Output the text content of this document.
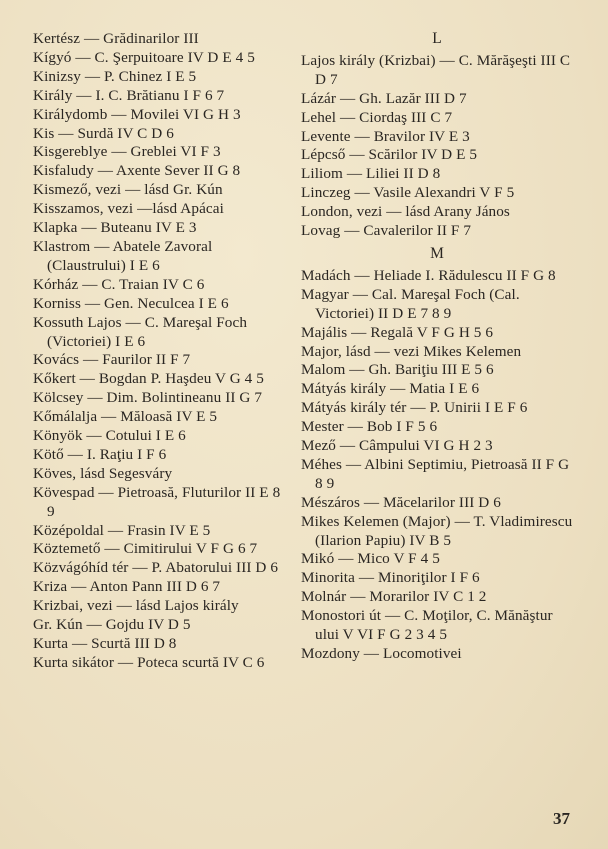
Kertész — Grădinarilor III
Kígyó — C. Şerpuitoare IV D E 4 5
Kinizsy — P. Chinez I E 5
Király — I. C. Brătianu I F 6 7
Királydomb — Movilei VI G H 3
Kis — Surdă IV C D 6
Kisgereblye — Greblei VI F 3
Kisfaludy — Axente Sever II G 8
Kismező, vezi — lásd Gr. Kún
Kisszamos, vezi —lásd Apácai
Klapka — Buteanu IV E 3
Klastrom — Abatele Zavoral (Claustrului) I E 6
Kórház — C. Traian IV C 6
Korniss — Gen. Neculcea I E 6
Kossuth Lajos — C. Mareşal Foch (Victoriei) I E 6
Kovács — Faurilor II F 7
Kőkert — Bogdan P. Haşdeu V G 4 5
Kölcsey — Dim. Bolintineanu II G 7
Kőmálalja — Măloasă IV E 5
Könyök — Cotului I E 6
Kötő — I. Raţiu I F 6
Köves, lásd Segesváry
Kövespad — Pietroasă, Fluturilor II E 8 9
Középoldal — Frasin IV E 5
Köztemető — Cimitirului V F G 6 7
Közvágóhíd tér — P. Abatorului III D 6
Kriza — Anton Pann III D 6 7
Krizbai, vezi — lásd Lajos király
Gr. Kún — Gojdu IV D 5
Kurta — Scurtă III D 8
Kurta sikátor — Poteca scurtă IV C 6
L
Lajos király (Krizbai) — C. Mărăşeşti III C D 7
Lázár — Gh. Lazăr III D 7
Lehel — Ciordaş III C 7
Levente — Bravilor IV E 3
Lépcső — Scărilor IV D E 5
Liliom — Liliei II D 8
Linczeg — Vasile Alexandri V F 5
London, vezi — lásd Arany János
Lovag — Cavalerilor II F 7
M
Madách — Heliade I. Rădulescu II F G 8
Magyar — Cal. Mareşal Foch (Cal. Victoriei) II D E 7 8 9
Majális — Regală V F G H 5 6
Major, lásd — vezi Mikes Kelemen
Malom — Gh. Bariţiu III E 5 6
Mátyás király — Matia I E 6
Mátyás király tér — P. Unirii I E F 6
Mester — Bob I F 5 6
Mező — Câmpului VI G H 2 3
Méhes — Albini Septimiu, Pietroasă II F G 8 9
Mészáros — Măcelarilor III D 6
Mikes Kelemen (Major) — T. Vladimirescu (Ilarion Papiu) IV B 5
Mikó — Mico V F 4 5
Minorita — Minoriţilor I F 6
Molnár — Morarilor IV C 1 2
Monostori út — C. Moţilor, C. Mănăştur ului V VI F G 2 3 4 5
Mozdony — Locomotivei
37
